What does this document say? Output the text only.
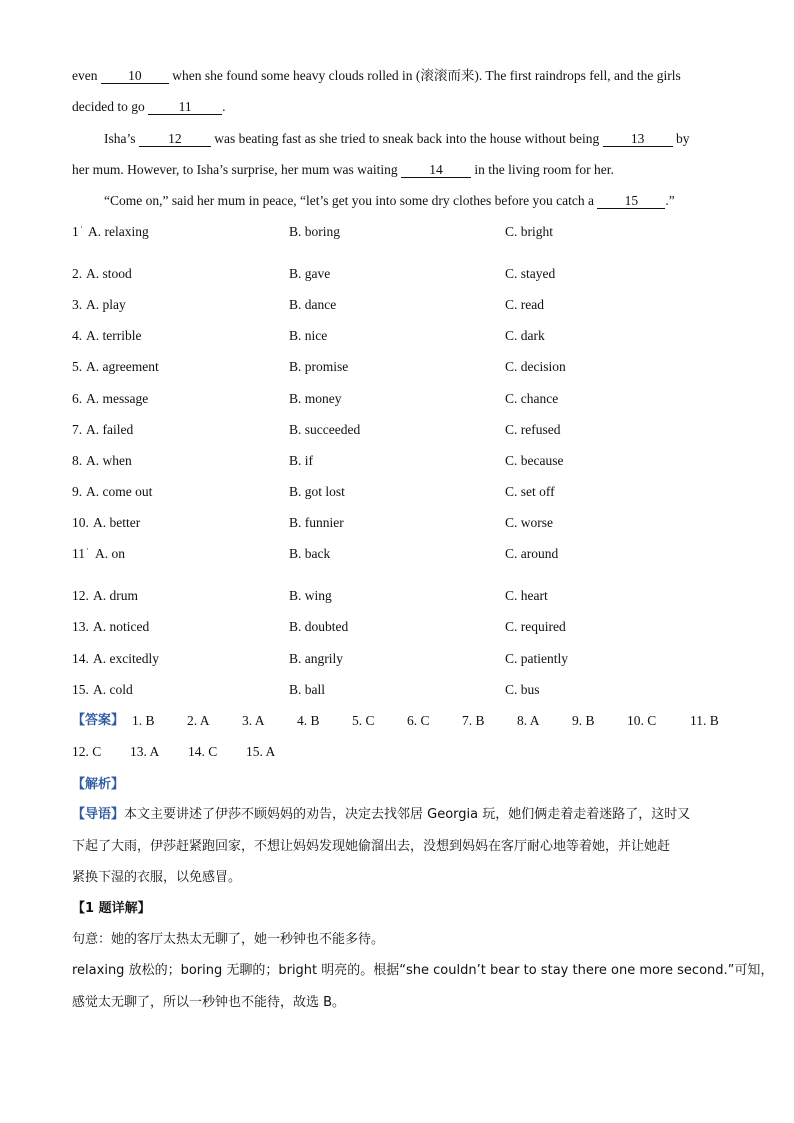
even 10 when she found some heavy clouds rolled in (滚滚而来). The first raindrops fell, and the girls
decided to go	11 .
Isha’s 12 was beating fast as she tried to sneak back into the house without being 13 by
her mum. However, to Isha’s surprise, her mum was waiting 14 in the living room for her.
“Come on,” said her mum in peace, “let’s get you into some dry clothes before you catch a 15 .”
1 · A. relaxing	B. boring	C. bright
2. A. stood	B. gave	C. stayed
3. A. play	B. dance	C. read
4. A. terrible	B. nice	C. dark
5. A. agreement	B. promise	C. decision
6. A. message	B. money	C. chance
7. A. failed	B. succeeded	C. refused
8. A. when	B. if	C. because
9. A. come out	B. got lost	C. set off
10. A. better	B. funnier	C. worse
11 · A. on	B. back	C. around
12. A. drum	B. wing	C. heart
13. A. noticed	B. doubted	C. required
14. A. excitedly	B. angrily	C. patiently
15. A. cold	B. ball	C. bus
【答案】 1. B 2. A 3. A 4. B 5. C 6. C 7. B 8. A 9. B 10. C 11. B
12. C 13. A 14. C 15. A
【解析】
【导语】本文主要讲述了伊莎不顾妈妈的劝告，决定去找邻居 Georgia 玩，她们俩走着走着迷路了，这时又
下起了大雨，伊莎赶紧跑回家，不想让妈妈发现她偷溜出去，没想到妈妈在客厅耐心地等着她，并让她赶
紧换下湿的衣服，以免感冒。
【1 题详解】
句意：她的客厅太热太无聊了，她一秒钟也不能多待。
relaxing 放松的；boring 无聊的；bright 明亮的。根据“she couldn’t bear to stay there one more second.”可知，
感觉太无聊了，所以一秒钟也不能待，故选 B。
